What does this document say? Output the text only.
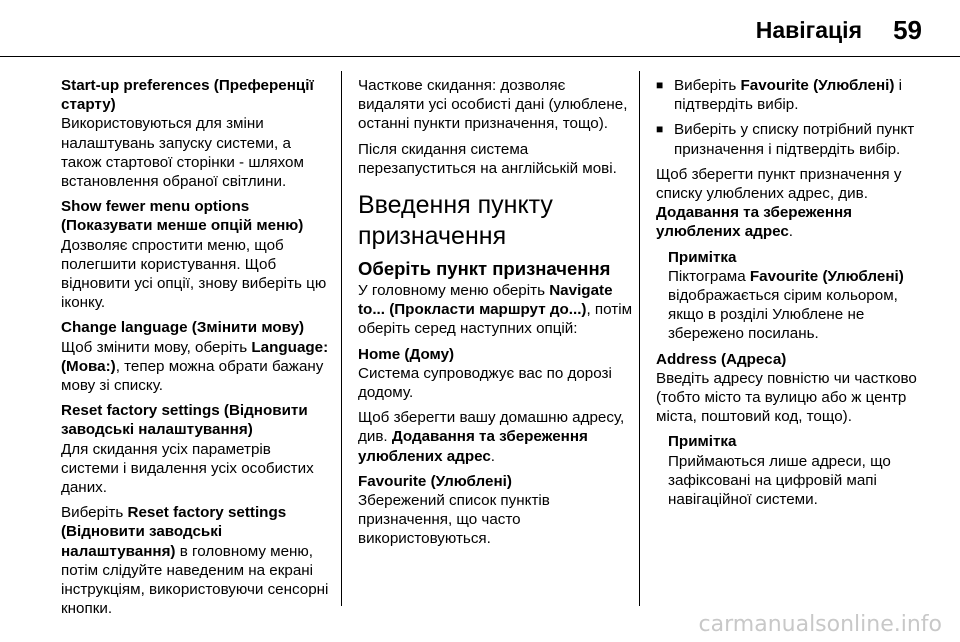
Навігація 59
Start-up preferences (Преференції старту)

Використовуються для зміни налаштувань запуску системи, а також стартової сторінки - шляхом встановлення обраної світлини.

Show fewer menu options (Показувати менше опцій меню)

Дозволяє спростити меню, щоб полегшити користування. Щоб відновити усі опції, знову виберіть цю іконку.

Change language (Змінити мову)

Щоб змінити мову, оберіть Language: (Мова:), тепер можна обрати бажану мову зі списку.

Reset factory settings (Відновити заводські налаштування)

Для скидання усіх параметрів системи і видалення усіх особистих даних.

Виберіть Reset factory settings (Відновити заводські налаштування) в головному меню, потім слідуйте наведеним на екрані інструкціям, використовуючи сенсорні кнопки.

Часткове скидання: дозволяє видаляти усі особисті дані (улюблене, останні пункти призначення, тощо).

Після скидання система перезапуститься на англійській мові.

Введення пункту призначення
Оберіть пункт призначення

У головному меню оберіть Navigate to... (Прокласти маршрут до...), потім оберіть серед наступних опцій:

Home (Дому)

Система супроводжує вас по дорозі додому.

Щоб зберегти вашу домашню адресу, див. Додавання та збереження улюблених адрес.

Favourite (Улюблені)

Збережений список пунктів призначення, що часто використовуються.

■ Виберіть Favourite (Улюблені) і підтвердіть вибір.
■ Виберіть у списку потрібний пункт призначення і підтвердіть вибір.

Щоб зберегти пункт призначення у списку улюблених адрес, див.
Додавання та збереження улюблених адрес.

Примітка
Піктограма Favourite (Улюблені) відображається сірим кольором, якщо в розділі Улюблене не збережено посилань.
Address (Адреса)

Введіть адресу повністю чи частково (тобто місто та вулицю або ж центр міста, поштовий код, тощо).

Примітка
Приймаються лише адреси, що зафіксовані на цифровій мапі навігаційної системи.
carmanualsonline.info
